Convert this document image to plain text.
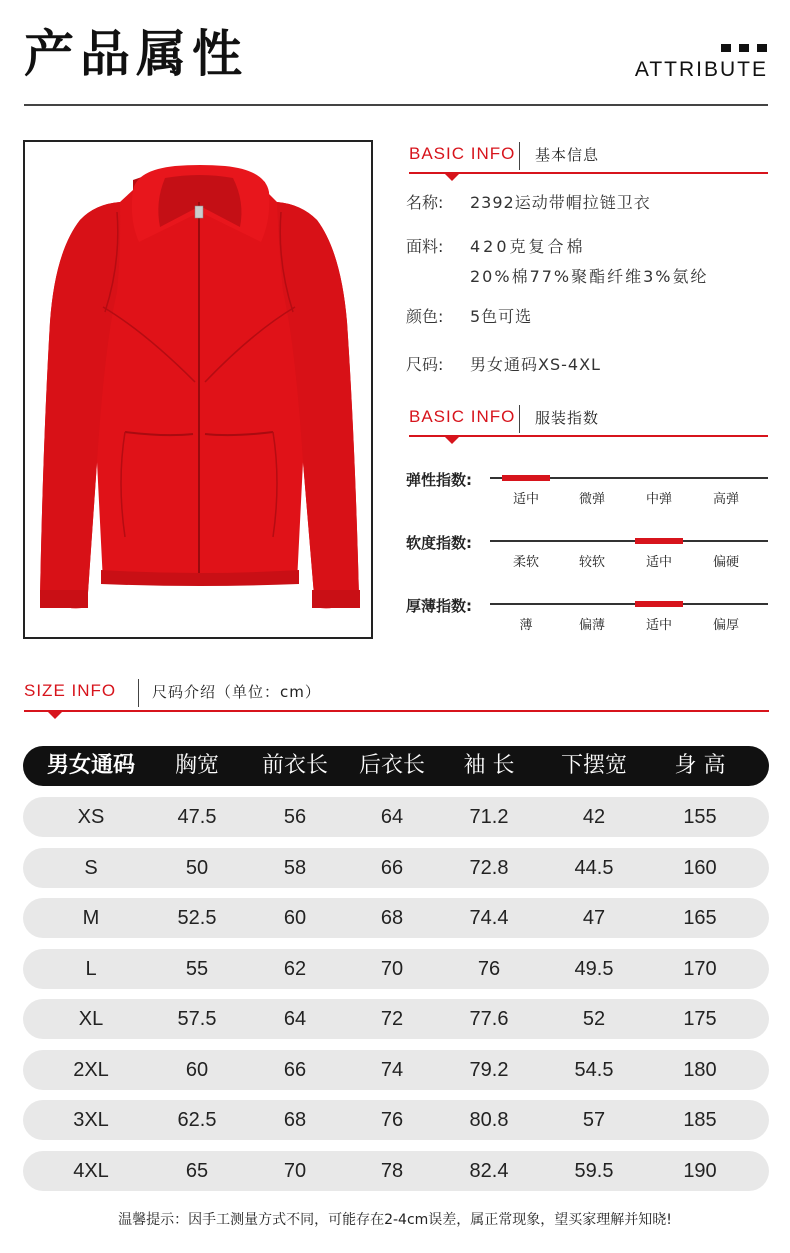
产品属性	ATTRIBUTE
BASIC INFO 基本信息
名称: 2392运动带帽拉链卫衣
面料: 420克复合棉
20%棉77%聚酯纤维3%氨纶
颜色: 5色可选
尺码: 男女通码XS-4XL
BASIC INFO 服装指数
弹性指数:
适中	微弹	中弹	高弹
软度指数:
柔软	较软	适中	偏硬
厚薄指数:
薄	偏薄	适中	偏厚
SIZE INFO 尺码介绍（单位：cm）
男女通码	胸宽	前衣长	后衣长	袖 长	下摆宽	身 高
XS	47.5	56	64	71.2	42	155
S	50	58	66	72.8	44.5	160
M	52.5	60	68	74.4	47	165
L	55	62	70	76	49.5	170
XL	57.5	64	72	77.6	52	175
2XL	60	66	74	79.2	54.5	180
3XL	62.5	68	76	80.8	57	185
4XL	65	70	78	82.4	59.5	190
温馨提示：因手工测量方式不同，可能存在2-4cm误差，属正常现象，望买家理解并知晓!
